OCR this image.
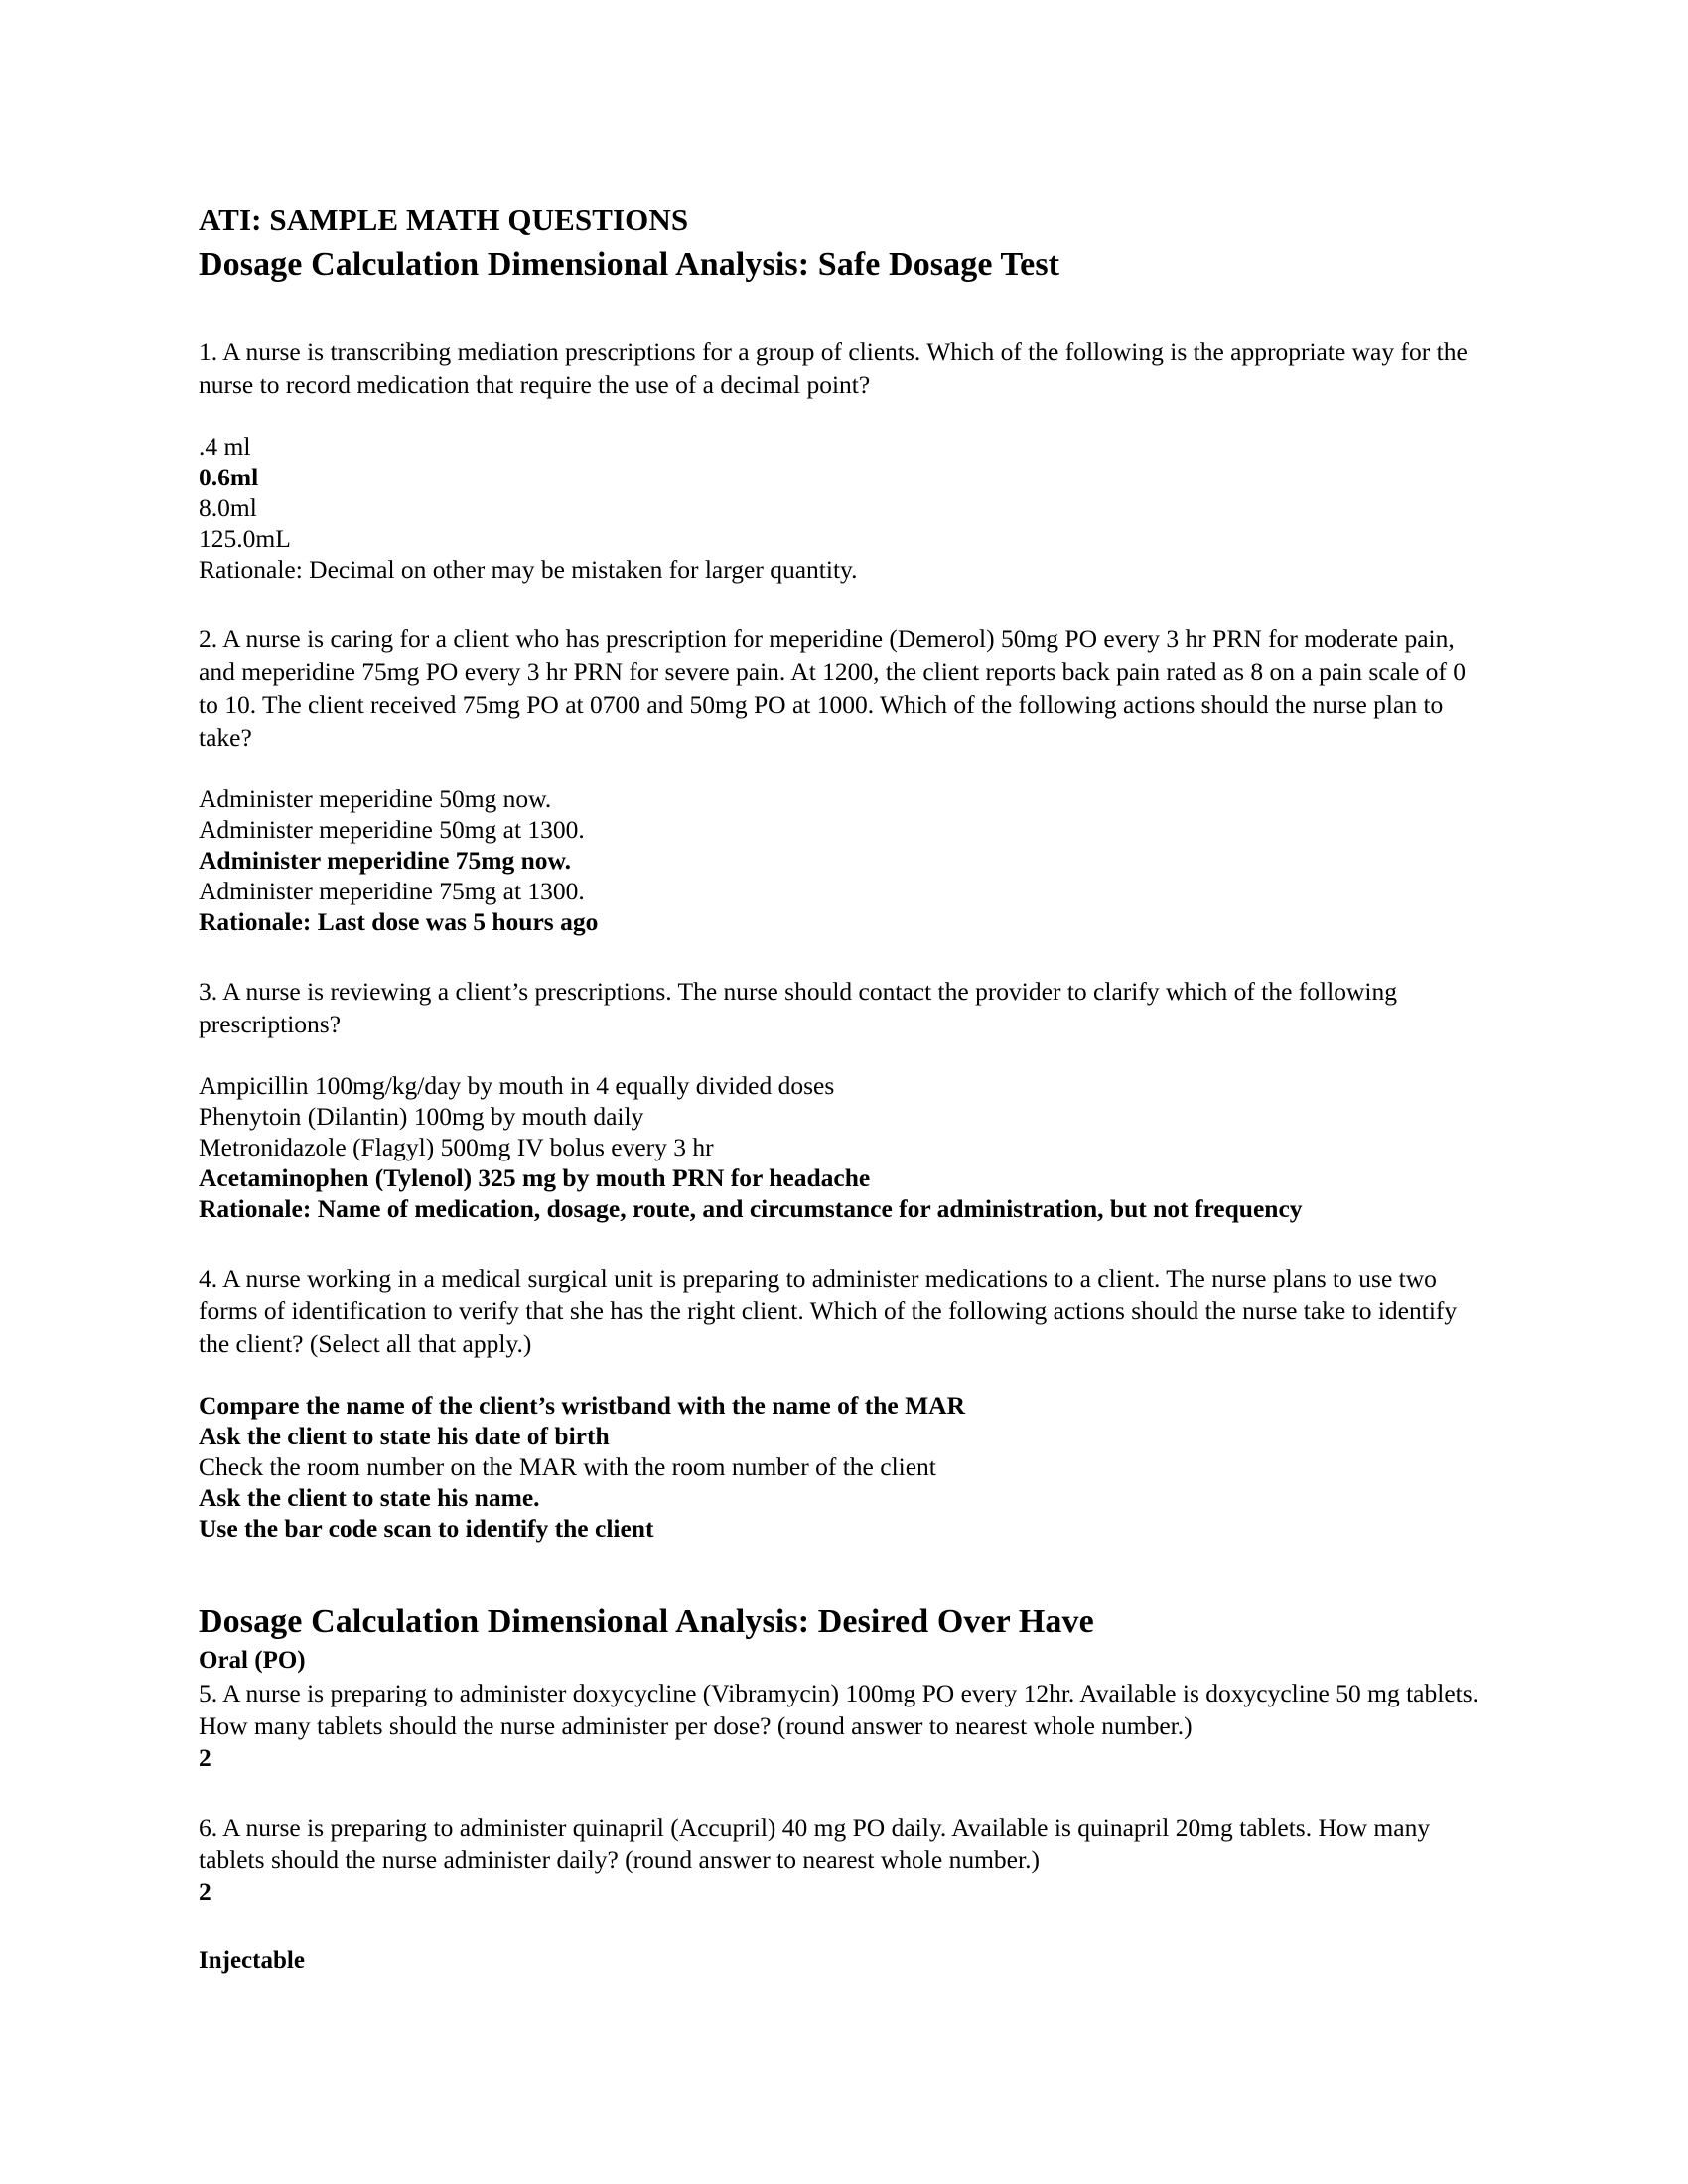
ATI: SAMPLE MATH QUESTIONS
Dosage Calculation Dimensional Analysis: Safe Dosage Test
1. A nurse is transcribing mediation prescriptions for a group of clients. Which of the following is the appropriate way for the nurse to record medication that require the use of a decimal point?
.4 ml
0.6ml
8.0ml
125.0mL
Rationale: Decimal on other may be mistaken for larger quantity.
2. A nurse is caring for a client who has prescription for meperidine (Demerol) 50mg PO every 3 hr PRN for moderate pain, and meperidine 75mg PO every 3 hr PRN for severe pain. At 1200, the client reports back pain rated as 8 on a pain scale of 0 to 10. The client received 75mg PO at 0700 and 50mg PO at 1000. Which of the following actions should the nurse plan to take?
Administer meperidine 50mg now.
Administer meperidine 50mg at 1300.
Administer meperidine 75mg now.
Administer meperidine 75mg at 1300.
Rationale: Last dose was 5 hours ago
3. A nurse is reviewing a client’s prescriptions. The nurse should contact the provider to clarify which of the following prescriptions?
Ampicillin 100mg/kg/day by mouth in 4 equally divided doses
Phenytoin (Dilantin) 100mg by mouth daily
Metronidazole (Flagyl) 500mg IV bolus every 3 hr
Acetaminophen (Tylenol) 325 mg by mouth PRN for headache
Rationale: Name of medication, dosage, route, and circumstance for administration, but not frequency
4. A nurse working in a medical surgical unit is preparing to administer medications to a client. The nurse plans to use two forms of identification to verify that she has the right client. Which of the following actions should the nurse take to identify the client? (Select all that apply.)
Compare the name of the client’s wristband with the name of the MAR
Ask the client to state his date of birth
Check the room number on the MAR with the room number of the client
Ask the client to state his name.
Use the bar code scan to identify the client
Dosage Calculation Dimensional Analysis: Desired Over Have
Oral (PO)
5. A nurse is preparing to administer doxycycline (Vibramycin) 100mg PO every 12hr. Available is doxycycline 50 mg tablets. How many tablets should the nurse administer per dose? (round answer to nearest whole number.)
2
6. A nurse is preparing to administer quinapril (Accupril) 40 mg PO daily. Available is quinapril 20mg tablets. How many tablets should the nurse administer daily? (round answer to nearest whole number.)
2
Injectable
